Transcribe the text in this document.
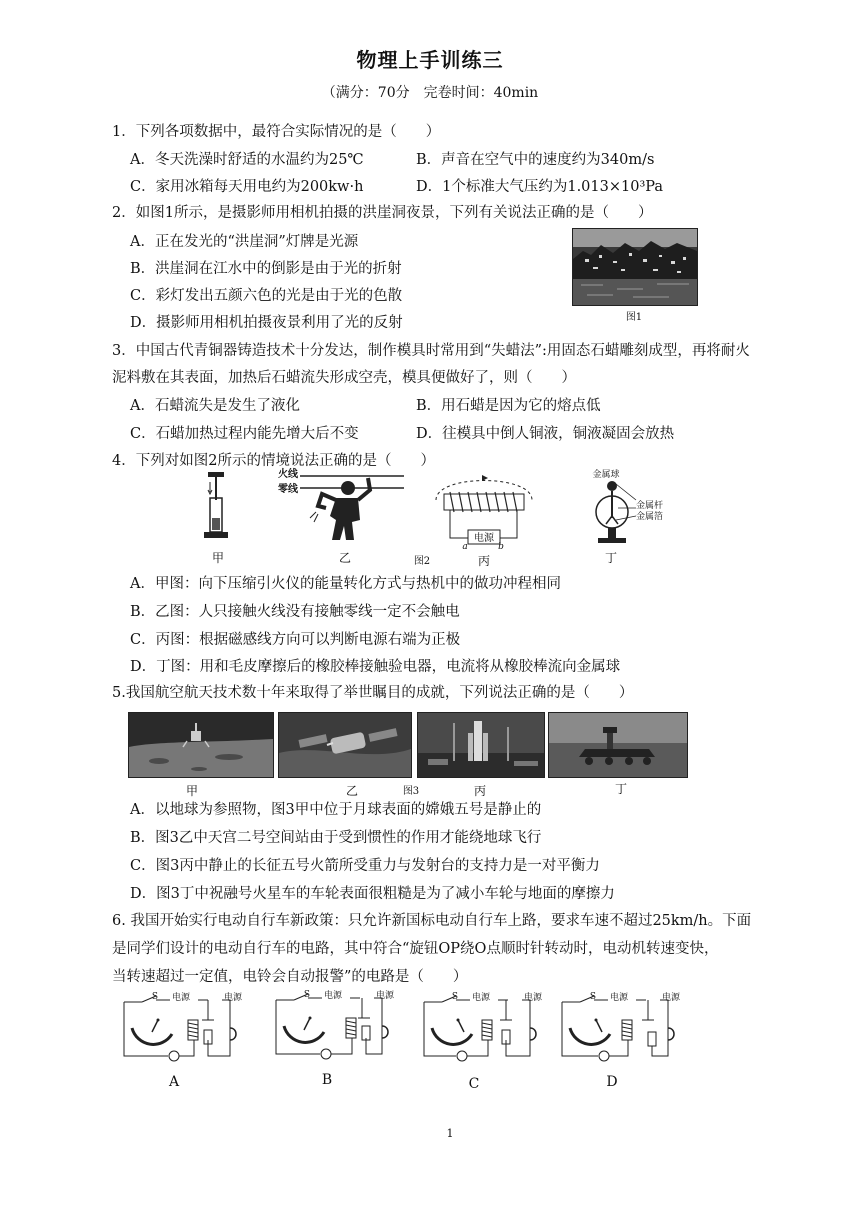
物理上手训练三
（满分：70分　完卷时间：40min
1．下列各项数据中，最符合实际情况的是（　　）
A．冬天洗澡时舒适的水温约为25℃	B．声音在空气中的速度约为340m/s
C．家用冰箱每天用电约为200kw·h	D．1个标准大气压约为1.013×10³Pa
2．如图1所示，是摄影师用相机拍摄的洪崖洞夜景，下列有关说法正确的是（　　）
A．正在发光的“洪崖洞”灯牌是光源
B．洪崖洞在江水中的倒影是由于光的折射
C．彩灯发出五颜六色的光是由于光的色散
D．摄影师用相机拍摄夜景利用了光的反射	图1
3．中国古代青铜器铸造技术十分发达，制作模具时常用到“失蜡法”:用固态石蜡雕刻成型，再将耐火
泥料敷在其表面，加热后石蜡流失形成空壳，模具便做好了，则（　　）
A．石蜡流失是发生了液化	B．用石蜡是因为它的熔点低
C．石蜡加热过程内能先增大后不变	D．往模具中倒人铜液，铜液凝固会放热
4．下列对如图2所示的情境说法正确的是（　　）
甲
火线
零线
乙
电源
a	b
丙
图2
金属球
金属杆
金属箔
丁
A．甲图：向下压缩引火仪的能量转化方式与热机中的做功冲程相同
B．乙图：人只接触火线没有接触零线一定不会触电
C．丙图：根据磁感线方向可以判断电源右端为正极
D．丁图：用和毛皮摩擦后的橡胶棒接触验电器，电流将从橡胶棒流向金属球
5.我国航空航天技术数十年来取得了举世瞩目的成就，下列说法正确的是（　　）
甲	乙	图3	丙	丁
A．以地球为参照物，图3甲中位于月球表面的嫦娥五号是静止的
B．图3乙中天宫二号空间站由于受到惯性的作用才能绕地球飞行
C．图3丙中静止的长征五号火箭所受重力与发射台的支持力是一对平衡力
D．图3丁中祝融号火星车的车轮表面很粗糙是为了减小车轮与地面的摩擦力
6. 我国开始实行电动自行车新政策：只允许新国标电动自行车上路，要求车速不超过25km/h。下面
是同学们设计的电动自行车的电路，其中符合“旋钮OP绕O点顺时针转动时，电动机转速变快，
当转速超过一定值，电铃会自动报警”的电路是（　　）
S	电源	电源
A
S	电源	电源
B
S	电源	电源
C
S	电源	电源
D
1
